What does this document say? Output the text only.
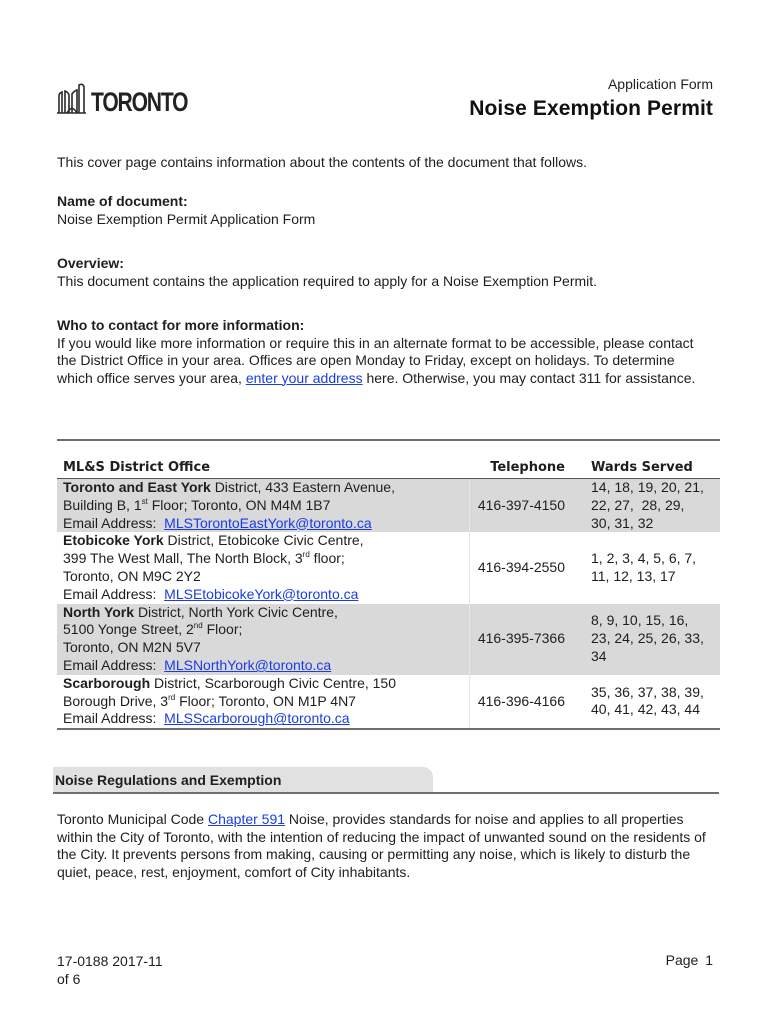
TORONTO
Application Form
Noise Exemption Permit
This cover page contains information about the contents of the document that follows.
Name of document:
Noise Exemption Permit Application Form
Overview:
This document contains the application required to apply for a Noise Exemption Permit.
Who to contact for more information:
If you would like more information or require this in an alternate format to be accessible, please contact the District Office in your area. Offices are open Monday to Friday, except on holidays. To determine which office serves your area, enter your address here. Otherwise, you may contact 311 for assistance.
ML&S District Office	Telephone	Wards Served
Toronto and East York District, 433 Eastern Avenue,
Building B, 1st Floor; Toronto, ON M4M 1B7
Email Address: MLSTorontoEastYork@toronto.ca
416-397-4150
14, 18, 19, 20, 21,
22, 27,  28, 29,
30, 31, 32
Etobicoke York District, Etobicoke Civic Centre,
399 The West Mall, The North Block, 3rd floor;
Toronto, ON M9C 2Y2
Email Address: MLSEtobicokeYork@toronto.ca
416-394-2550
1, 2, 3, 4, 5, 6, 7,
11, 12, 13, 17
North York District, North York Civic Centre,
5100 Yonge Street, 2nd Floor;
Toronto, ON M2N 5V7
Email Address: MLSNorthYork@toronto.ca
416-395-7366
8, 9, 10, 15, 16,
23, 24, 25, 26, 33,
34
Scarborough District, Scarborough Civic Centre, 150
Borough Drive, 3rd Floor; Toronto, ON M1P 4N7
Email Address: MLSScarborough@toronto.ca
416-396-4166
35, 36, 37, 38, 39,
40, 41, 42, 43, 44
Noise Regulations and Exemption
Toronto Municipal Code Chapter 591 Noise, provides standards for noise and applies to all properties within the City of Toronto, with the intention of reducing the impact of unwanted sound on the residents of the City. It prevents persons from making, causing or permitting any noise, which is likely to disturb the quiet, peace, rest, enjoyment, comfort of City inhabitants.
17-0188 2017-11
of 6
Page 1
